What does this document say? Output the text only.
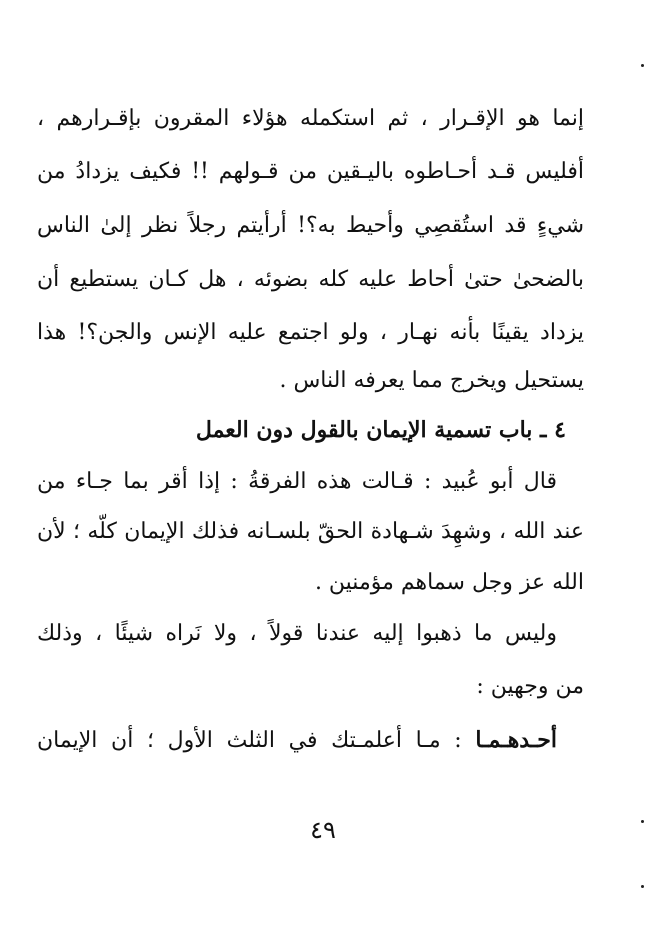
إنما هو الإقـرار ، ثم استكمله هؤلاء المقرون بإقـرارهم ،
أفليس قـد أحـاطوه باليـقين من قـولهم !! فكيف يزدادُ من
شيءٍ قد استُقصِي وأحيط به؟! أرأيتم رجلاً نظر إلىٰ الناس
بالضحىٰ حتىٰ أحاط عليه كله بضوئه ، هل كـان يستطيع أن
يزداد يقينًا بأنه نهـار ، ولو اجتمع عليه الإنس والجن؟! هذا
يستحيل ويخرج مما يعرفه الناس .
٤ ـ باب تسمية الإيمان بالقول دون العمل
قال أبو عُبيد : قـالت هذه الفرقةُ : إذا أقر بما جـاء من
عند الله ، وشهِدَ شـهادة الحقّ بلسـانه فذلك الإيمان كلّه ؛ لأن
الله عز وجل سماهم مؤمنين .
وليس ما ذهبوا إليه عندنا قولاً ، ولا نَراه شيئًا ، وذلك
من وجهين :
أحـدهـمـا : مـا أعلمـتك في الثلث الأول ؛ أن الإيمان
٤٩
